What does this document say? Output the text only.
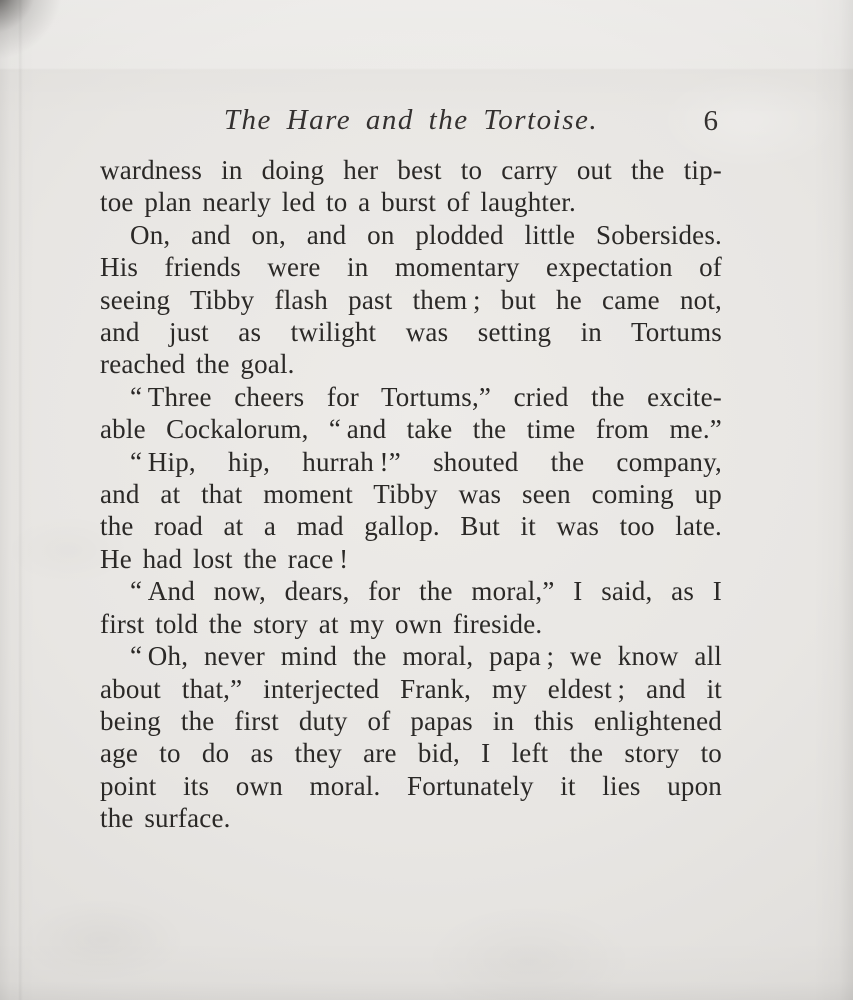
The Hare and the Tortoise.	6
wardness in doing her best to carry out the tip-
toe plan nearly led to a burst of laughter.
On, and on, and on plodded little Sobersides.
His friends were in momentary expectation of
seeing Tibby flash past them ; but he came not,
and just as twilight was setting in Tortums
reached the goal.
“ Three cheers for Tortums,” cried the excite-
able Cockalorum, “ and take the time from me.”
“ Hip, hip, hurrah !” shouted the company,
and at that moment Tibby was seen coming up
the road at a mad gallop. But it was too late.
He had lost the race !
“ And now, dears, for the moral,” I said, as I
first told the story at my own fireside.
“ Oh, never mind the moral, papa ; we know all
about that,” interjected Frank, my eldest ; and it
being the first duty of papas in this enlightened
age to do as they are bid, I left the story to
point its own moral. Fortunately it lies upon
the surface.
